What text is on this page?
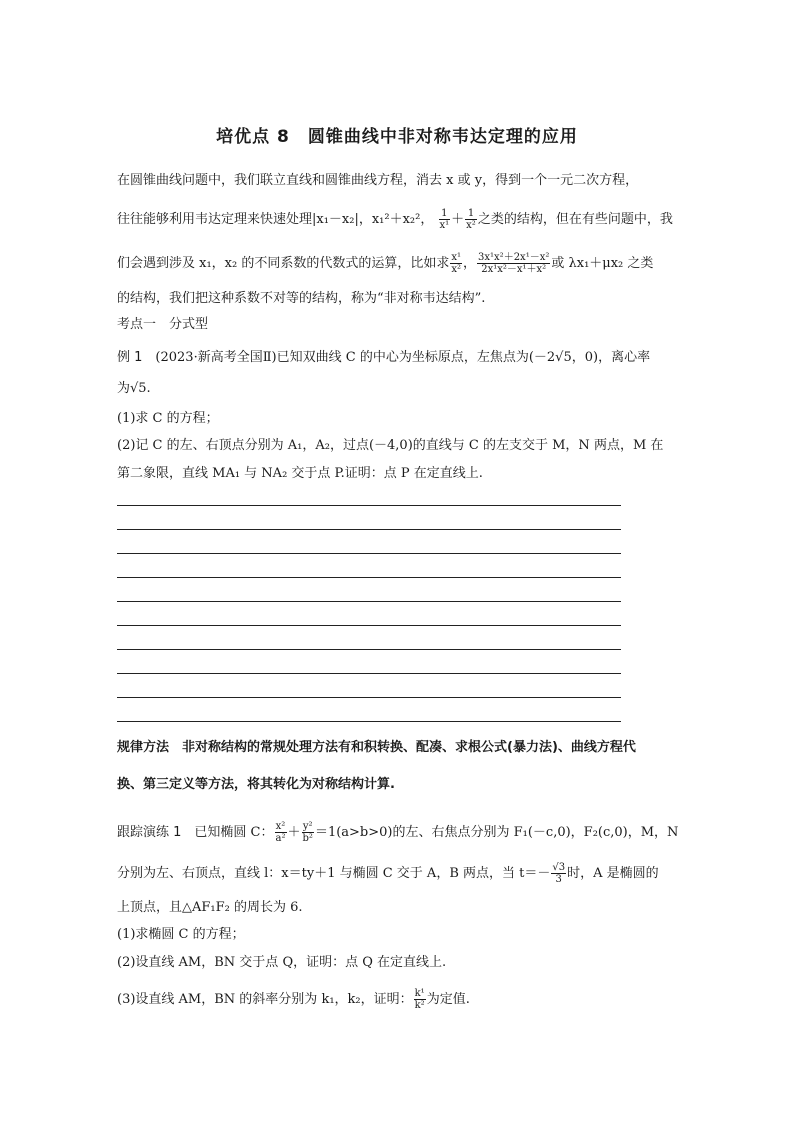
培优点 8　圆锥曲线中非对称韦达定理的应用
在圆锥曲线问题中，我们联立直线和圆锥曲线方程，消去 x 或 y，得到一个一元二次方程，
往往能够利用韦达定理来快速处理|x₁－x₂|，x₁²＋x₂²， $\frac{1}{\text{x¹}} + \frac{1}{\text{x²}}$ 之类的结构，但在有些问题中，我
们会遇到涉及 x₁，x₂ 的不同系数的代数式的运算，比如求 $\frac{\text{x¹}}{\text{x²}}$ ， $\frac{\text{3x¹x²＋2x¹－x²}}{\text{2x¹x²－x¹＋x²}}$ 或 λx₁＋μx₂ 之类
的结构，我们把这种系数不对等的结构，称为“非对称韦达结构”.
考点一　分式型
例 1　 (2023·新高考全国Ⅱ)已知双曲线 C 的中心为坐标原点，左焦点为(－2√5，0)，离心率
为√5.
(1)求 C 的方程；
(2)记 C 的左、右顶点分别为 A₁，A₂，过点(－4,0)的直线与 C 的左支交于 M，N 两点，M 在
第二象限，直线 MA₁ 与 NA₂ 交于点 P.证明：点 P 在定直线上.
规律方法　 非对称结构的常规处理方法有和积转换、配凑、求根公式(暴力法)、曲线方程代
换、第三定义等方法，将其转化为对称结构计算.
跟踪演练 1　 已知椭圆 C： $\frac{\text{x²}}{\text{a²}} + \frac{\text{y²}}{\text{b²}} =1(a>b>0)$的左、右焦点分别为 F₁(－c,0)，F₂(c,0)，M，N
分别为左、右顶点，直线 l：x＝ty＋1 与椭圆 C 交于 A，B 两点，当 $t=- \frac{√3}{3}$ 时，A 是椭圆的
上顶点，且△AF₁F₂ 的周长为 6.
(1)求椭圆 C 的方程；
(2)设直线 AM，BN 交于点 Q，证明：点 Q 在定直线上.
(3)设直线 AM，BN 的斜率分别为 k₁，k₂，证明： $\frac{\text{k¹}}{\text{k²}}$ 为定值.
